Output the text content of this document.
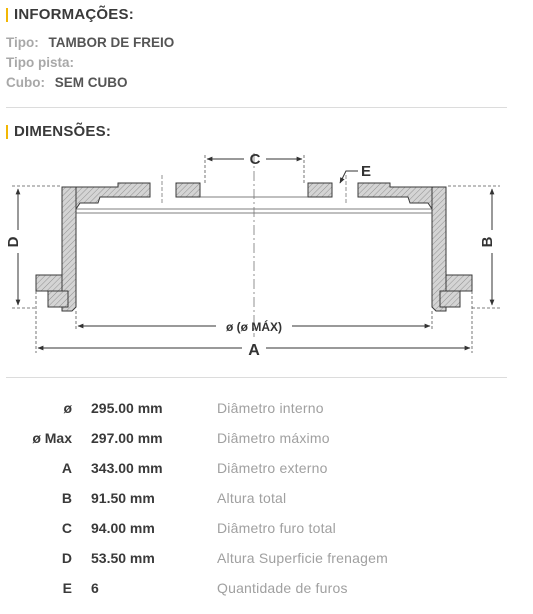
INFORMAÇÕES:
Tipo: TAMBOR DE FREIO
Tipo pista:
Cubo: SEM CUBO
DIMENSÕES:
C
E
D	B
ø (ø MÁX)
A
ø 295.00 mm	Diâmetro interno
ø Max 297.00 mm	Diâmetro máximo
A 343.00 mm	Diâmetro externo
B 91.50 mm	Altura total
C 94.00 mm	Diâmetro furo total
D 53.50 mm	Altura Superficie frenagem
E 6	Quantidade de furos
